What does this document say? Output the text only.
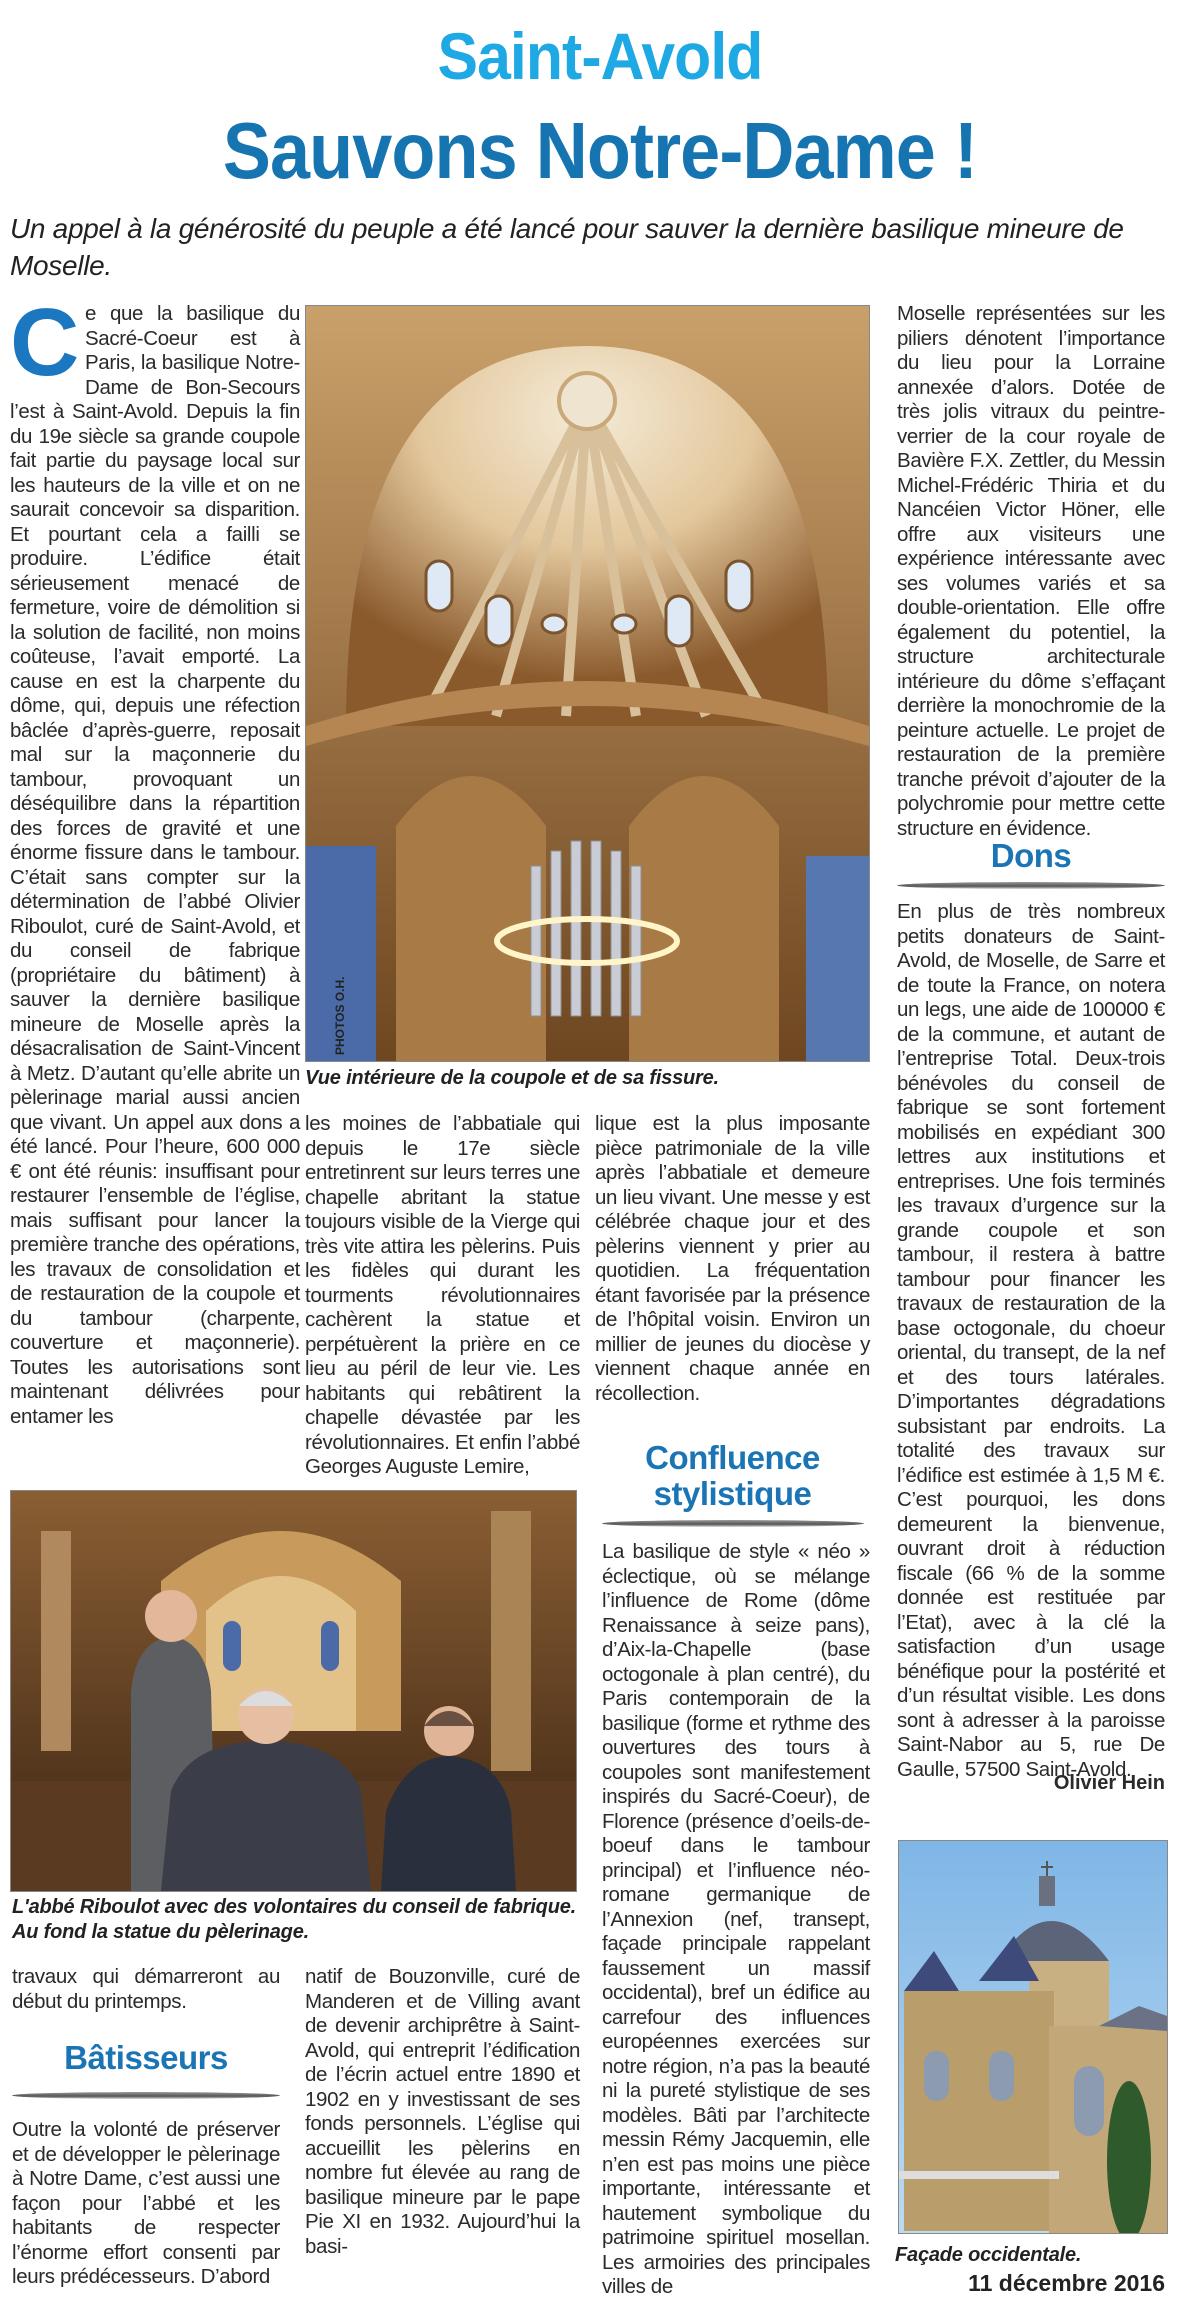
Saint-Avold
Sauvons Notre-Dame !
Un appel à la générosité du peuple a été lancé pour sauver la dernière basilique mineure de Moselle.
C e que la basilique du Sacré-Coeur est à Paris, la basilique Notre-Dame de Bon-Secours l’est à Saint-Avold. Depuis la fin du 19e siècle sa grande coupole fait partie du paysage local sur les hauteurs de la ville et on ne saurait concevoir sa disparition. Et pourtant cela a failli se produire. L’édifice était sérieusement menacé de fermeture, voire de démolition si la solution de facilité, non moins coûteuse, l’avait emporté. La cause en est la charpente du dôme, qui, depuis une réfection bâclée d’après-guerre, reposait mal sur la maçonnerie du tambour, provoquant un déséquilibre dans la répartition des forces de gravité et une énorme fissure dans le tambour. C’était sans compter sur la détermination de l’abbé Olivier Riboulot, curé de Saint-Avold, et du conseil de fabrique (propriétaire du bâtiment) à sauver la dernière basilique mineure de Moselle après la désacralisation de Saint-Vincent à Metz. D’autant qu’elle abrite un pèlerinage marial aussi ancien que vivant. Un appel aux dons a été lancé. Pour l’heure, 600 000 € ont été réunis: insuffisant pour restaurer l’ensemble de l’église, mais suffisant pour lancer la première tranche des opérations, les travaux de consolidation et de restauration de la coupole et du tambour (charpente, couverture et maçonnerie). Toutes les autorisations sont maintenant délivrées pour entamer les
PHOTOS O.H.
Vue intérieure de la coupole et de sa fissure.

les moines de l’abbatiale qui depuis le 17e siècle entretinrent sur leurs terres une chapelle abritant la statue toujours visible de la Vierge qui très vite attira les pèlerins. Puis les fidèles qui durant les tourments révolutionnaires cachèrent la statue et perpétuèrent la prière en ce lieu au péril de leur vie. Les habitants qui rebâtirent la chapelle dévastée par les révolutionnaires. Et enfin l’abbé Georges Auguste Lemire,

lique est la plus imposante pièce patrimoniale de la ville après l’abbatiale et demeure un lieu vivant. Une messe y est célébrée chaque jour et des pèlerins viennent y prier au quotidien. La fréquentation étant favorisée par la présence de l’hôpital voisin. Environ un millier de jeunes du diocèse y viennent chaque année en récollection.

Confluence stylistique

La basilique de style « néo » éclectique, où se mélange l’influence de Rome (dôme Renaissance à seize pans), d’Aix-la-Chapelle (base octogonale à plan centré), du Paris contemporain de la basilique (forme et rythme des ouvertures des tours à coupoles sont manifestement inspirés du Sacré-Coeur), de Florence (présence d’oeils-de-boeuf dans le tambour principal) et l’influence néo-romane germanique de l’Annexion (nef, transept, façade principale rappelant faussement un massif occidental), bref un édifice au carrefour des influences européennes exercées sur notre région, n’a pas la beauté ni la pureté stylistique de ses modèles. Bâti par l’architecte messin Rémy Jacquemin, elle n’en est pas moins une pièce importante, intéressante et hautement symbolique du patrimoine spirituel mosellan. Les armoiries des principales villes de

Moselle représentées sur les piliers dénotent l’importance du lieu pour la Lorraine annexée d’alors. Dotée de très jolis vitraux du peintre-verrier de la cour royale de Bavière F.X. Zettler, du Messin Michel-Frédéric Thiria et du Nancéien Victor Höner, elle offre aux visiteurs une expérience intéressante avec ses volumes variés et sa double-orientation. Elle offre également du potentiel, la structure architecturale intérieure du dôme s’effaçant derrière la monochromie de la peinture actuelle. Le projet de restauration de la première tranche prévoit d’ajouter de la polychromie pour mettre cette structure en évidence.

Dons

En plus de très nombreux petits donateurs de Saint-Avold, de Moselle, de Sarre et de toute la France, on notera un legs, une aide de 100000 € de la commune, et autant de l’entreprise Total. Deux-trois bénévoles du conseil de fabrique se sont fortement mobilisés en expédiant 300 lettres aux institutions et entreprises. Une fois terminés les travaux d’urgence sur la grande coupole et son tambour, il restera à battre tambour pour financer les travaux de restauration de la base octogonale, du choeur oriental, du transept, de la nef et des tours latérales. D’importantes dégradations subsistant par endroits. La totalité des travaux sur l’édifice est estimée à 1,5 M €. C’est pourquoi, les dons demeurent la bienvenue, ouvrant droit à réduction fiscale (66 % de la somme donnée est restituée par l’Etat), avec à la clé la satisfaction d’un usage bénéfique pour la postérité et d’un résultat visible. Les dons sont à adresser à la paroisse Saint-Nabor au 5, rue De Gaulle, 57500 Saint-Avold.

Olivier Hein
Façade occidentale.
11 décembre 2016
L'abbé Riboulot avec des volontaires du conseil de fabrique. Au fond la statue du pèlerinage.

travaux qui démarreront au début du printemps.

Bâtisseurs

Outre la volonté de préserver et de développer le pèlerinage à Notre Dame, c’est aussi une façon pour l’abbé et les habitants de respecter l’énorme effort consenti par leurs prédécesseurs. D’abord

natif de Bouzonville, curé de Manderen et de Villing avant de devenir archiprêtre à Saint-Avold, qui entreprit l’édification de l’écrin actuel entre 1890 et 1902 en y investissant de ses fonds personnels. L’église qui accueillit les pèlerins en nombre fut élevée au rang de basilique mineure par le pape Pie XI en 1932. Aujourd’hui la basi-
